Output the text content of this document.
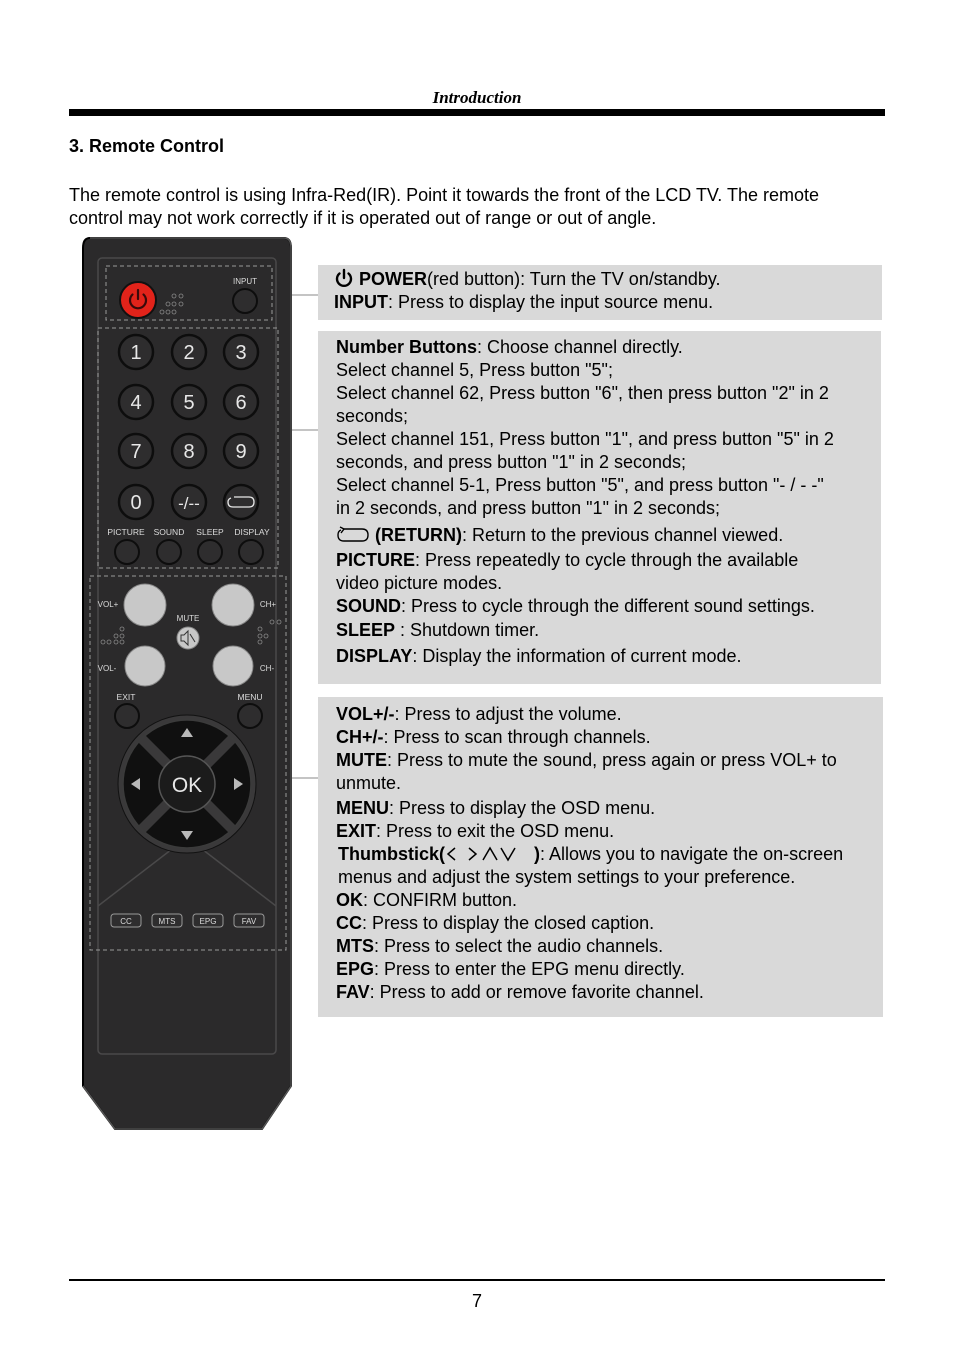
Introduction
3. Remote Control

The remote control is using Infra-Red(IR). Point it towards the front of the LCD TV. The remote

control may not work correctly if it is operated out of range or out of angle.

INPUT
1 2 3
4 5 6
7 8 9
0 -/--
PICTURE SOUND SLEEP DISPLAY
VOL+	CH+
VOL-	CH-
MUTE
EXIT	MENU
OK
CC	MTS	EPG	FAV
POWER(red button): Turn the TV on/standby.
INPUT: Press to display the input source menu.
Number Buttons: Choose channel directly.
Select channel 5, Press button "5";
Select channel 62, Press button "6", then press button "2" in 2
seconds;
Select channel 151, Press button "1", and press button "5" in 2
seconds, and press button "1" in 2 seconds;
Select channel 5-1, Press button "5", and press button "- / - -"
in 2 seconds, and press button "1" in 2 seconds;
(RETURN): Return to the previous channel viewed.
PICTURE: Press repeatedly to cycle through the available
video picture modes.
SOUND: Press to cycle through the different sound settings.
SLEEP : Shutdown timer.
DISPLAY: Display the information of current mode.
VOL+/-: Press to adjust the volume.
CH+/-: Press to scan through channels.
MUTE: Press to mute the sound, press again or press VOL+ to
unmute.
MENU: Press to display the OSD menu.
EXIT: Press to exit the OSD menu.
Thumbstick(	): Allows you to navigate the on-screen
menus and adjust the system settings to your preference.
OK: CONFIRM button.
CC: Press to display the closed caption.
MTS: Press to select the audio channels.
EPG: Press to enter the EPG menu directly.
FAV: Press to add or remove favorite channel.
7
